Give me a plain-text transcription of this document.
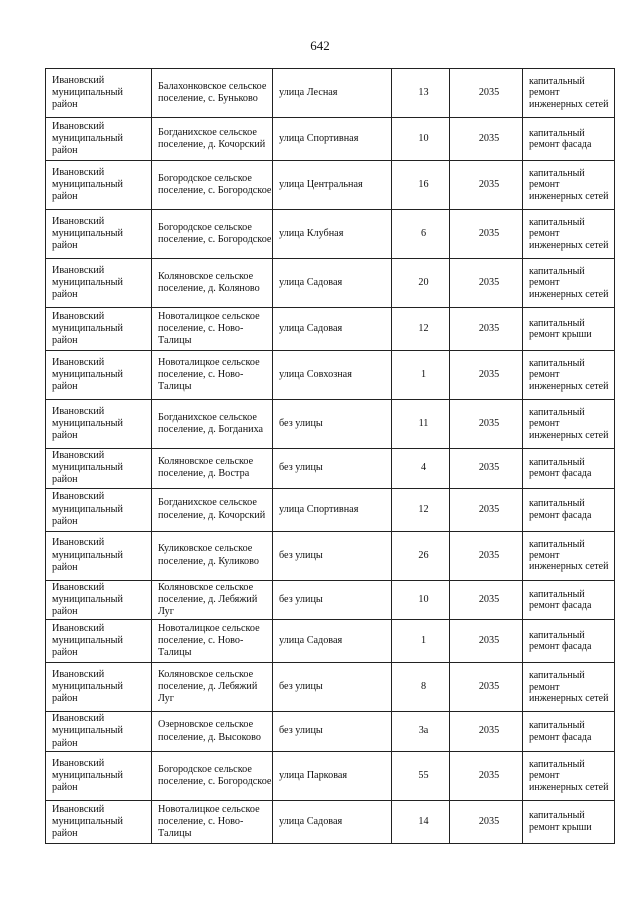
642
Ивановский муниципальный район	Балахонковское сельское поселение, с. Буньково	улица Лесная	13	2035	капитальный ремонт инженерных сетей
Ивановский муниципальный район	Богданихское сельское поселение, д. Кочорский	улица Спортивная	10	2035	капитальный ремонт фасада
Ивановский муниципальный район	Богородское сельское поселение, с. Богородское	улица Центральная	16	2035	капитальный ремонт инженерных сетей
Ивановский муниципальный район	Богородское сельское поселение, с. Богородское	улица Клубная	6	2035	капитальный ремонт инженерных сетей
Ивановский муниципальный район	Коляновское сельское поселение, д. Коляново	улица Садовая	20	2035	капитальный ремонт инженерных сетей
Ивановский муниципальный район	Новоталицкое сельское поселение, с. Ново-Талицы	улица Садовая	12	2035	капитальный ремонт крыши
Ивановский муниципальный район	Новоталицкое сельское поселение, с. Ново-Талицы	улица Совхозная	1	2035	капитальный ремонт инженерных сетей
Ивановский муниципальный район	Богданихское сельское поселение, д. Богданиха	без улицы	11	2035	капитальный ремонт инженерных сетей
Ивановский муниципальный район	Коляновское сельское поселение, д. Востра	без улицы	4	2035	капитальный ремонт фасада
Ивановский муниципальный район	Богданихское сельское поселение, д. Кочорский	улица Спортивная	12	2035	капитальный ремонт фасада
Ивановский муниципальный район	Куликовское сельское поселение, д. Куликово	без улицы	26	2035	капитальный ремонт инженерных сетей
Ивановский муниципальный район	Коляновское сельское поселение, д. Лебяжий Луг	без улицы	10	2035	капитальный ремонт фасада
Ивановский муниципальный район	Новоталицкое сельское поселение, с. Ново-Талицы	улица Садовая	1	2035	капитальный ремонт фасада
Ивановский муниципальный район	Коляновское сельское поселение, д. Лебяжий Луг	без улицы	8	2035	капитальный ремонт инженерных сетей
Ивановский муниципальный район	Озерновское сельское поселение, д. Высоково	без улицы	3а	2035	капитальный ремонт фасада
Ивановский муниципальный район	Богородское сельское поселение, с. Богородское	улица Парковая	55	2035	капитальный ремонт инженерных сетей
Ивановский муниципальный район	Новоталицкое сельское поселение, с. Ново-Талицы	улица Садовая	14	2035	капитальный ремонт крыши
